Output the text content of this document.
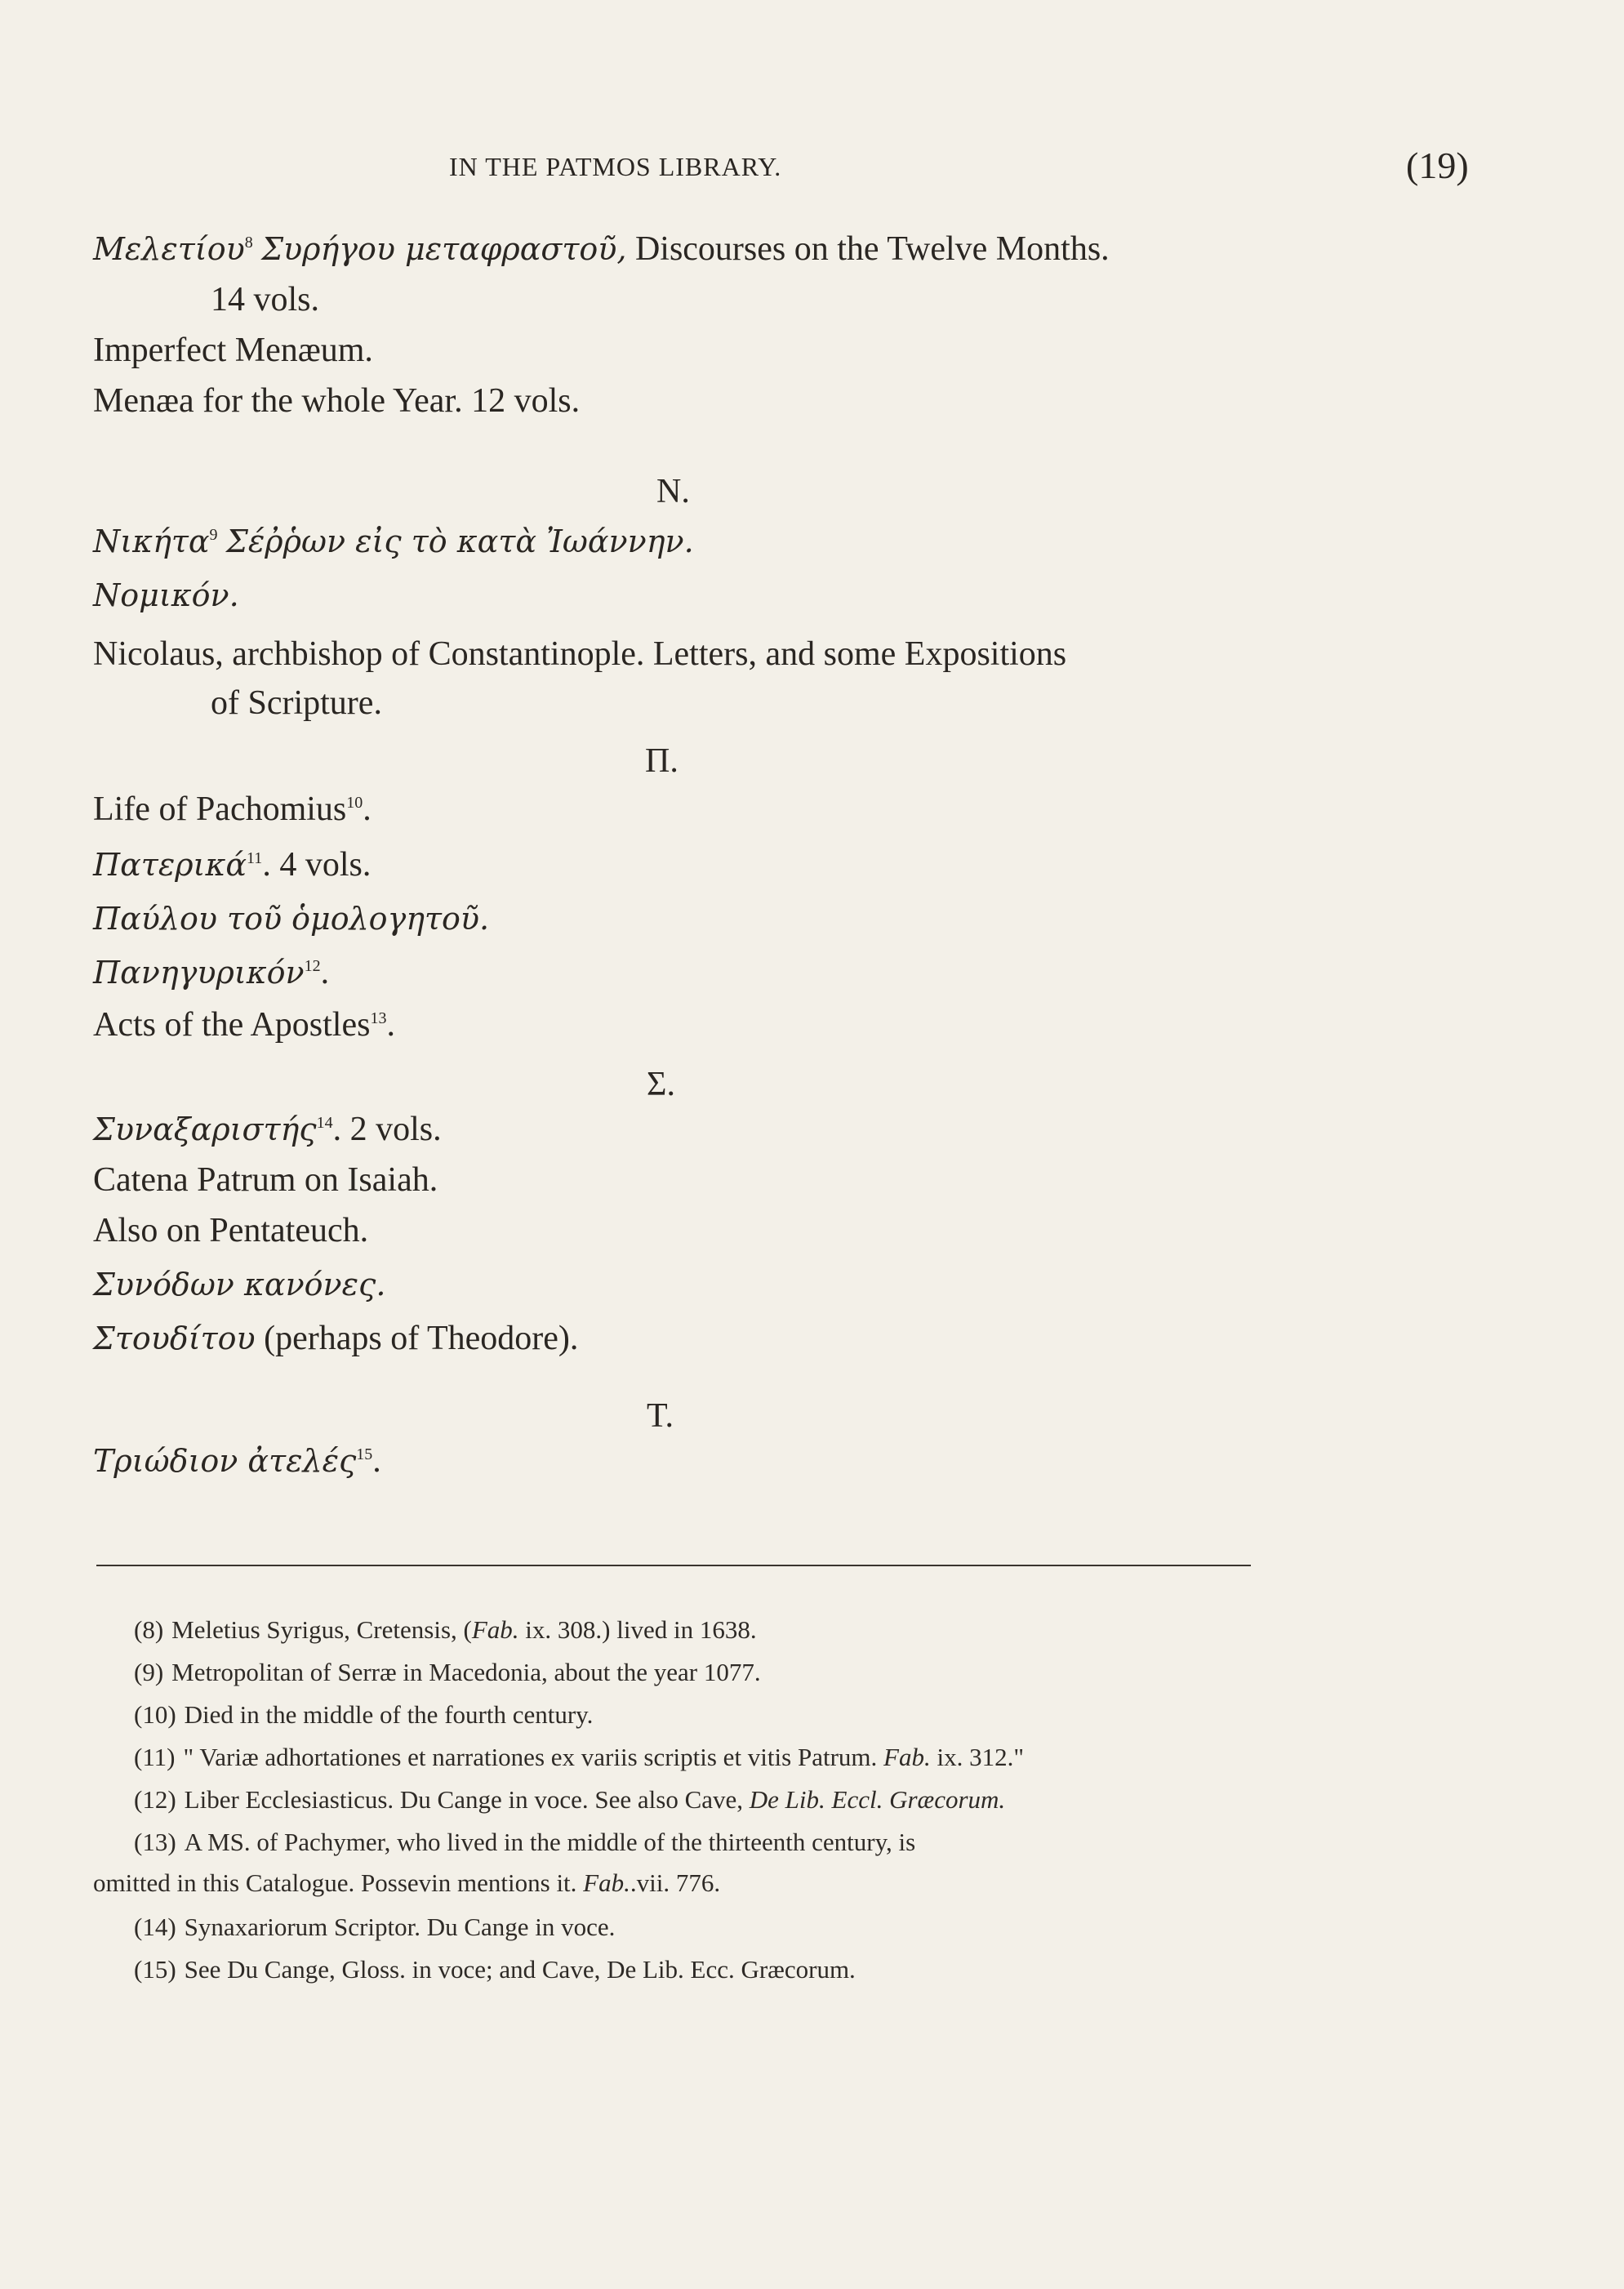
IN THE PATMOS LIBRARY.	(19)
Μελετίου$^8$ Συρήγου μεταφραστοῦ, Discourses on the Twelve Months.
14 vols.
Imperfect Menæum.
Menæa for the whole Year. 12 vols.
N.
Νικήτα$^9$ Σέῤῥων εἰς τὸ κατὰ Ἰωάννην.
Νομικόν.
Nicolaus, archbishop of Constantinople. Letters, and some Expositions
of Scripture.
Π.
Life of Pachomius$^{10}$.
Πατερικά$^{11}$. 4 vols.
Παύλου τοῦ ὁμολογητοῦ.
Πανηγυρικόν$^{12}$.
Acts of the Apostles$^{13}$.
Σ.
Συναξαριστής$^{14}$. 2 vols.
Catena Patrum on Isaiah.
Also on Pentateuch.
Συνόδων κανόνες.
Στουδίτου (perhaps of Theodore).
T.
Τριώδιον ἀτελές$^{15}$.
(8) Meletius Syrigus, Cretensis, (Fab. ix. 308.) lived in 1638.
(9) Metropolitan of Serræ in Macedonia, about the year 1077.
(10) Died in the middle of the fourth century.
(11) " Variæ adhortationes et narrationes ex variis scriptis et vitis Patrum. Fab. ix. 312."
(12) Liber Ecclesiasticus. Du Cange in voce. See also Cave, De Lib. Eccl. Græcorum.
(13) A MS. of Pachymer, who lived in the middle of the thirteenth century, is
omitted in this Catalogue. Possevin mentions it. Fab..vii. 776.
(14) Synaxariorum Scriptor. Du Cange in voce.
(15) See Du Cange, Gloss. in voce; and Cave, De Lib. Ecc. Græcorum.
